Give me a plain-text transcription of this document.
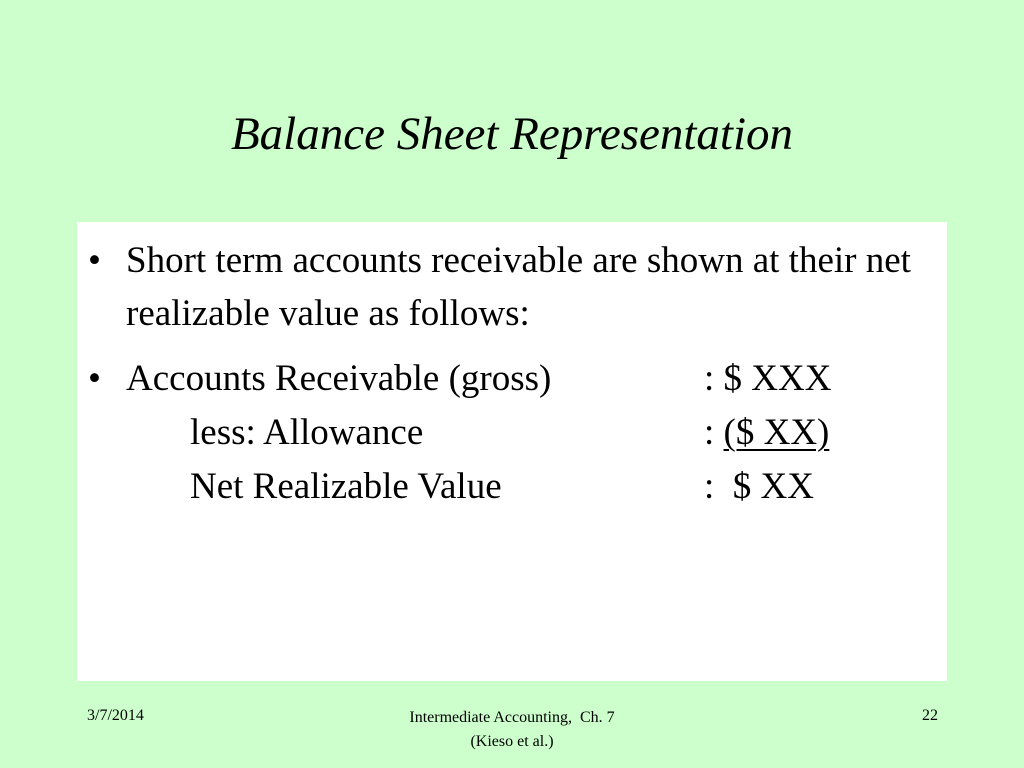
Balance Sheet Representation
• Short term accounts receivable are shown at their net realizable value as follows:
• Accounts Receivable (gross)	: $ XXX
less: Allowance	: ($ XX)
Net Realizable Value	: $ XX
3/7/2014	Intermediate Accounting,  Ch. 7
(Kieso et al.)
22
